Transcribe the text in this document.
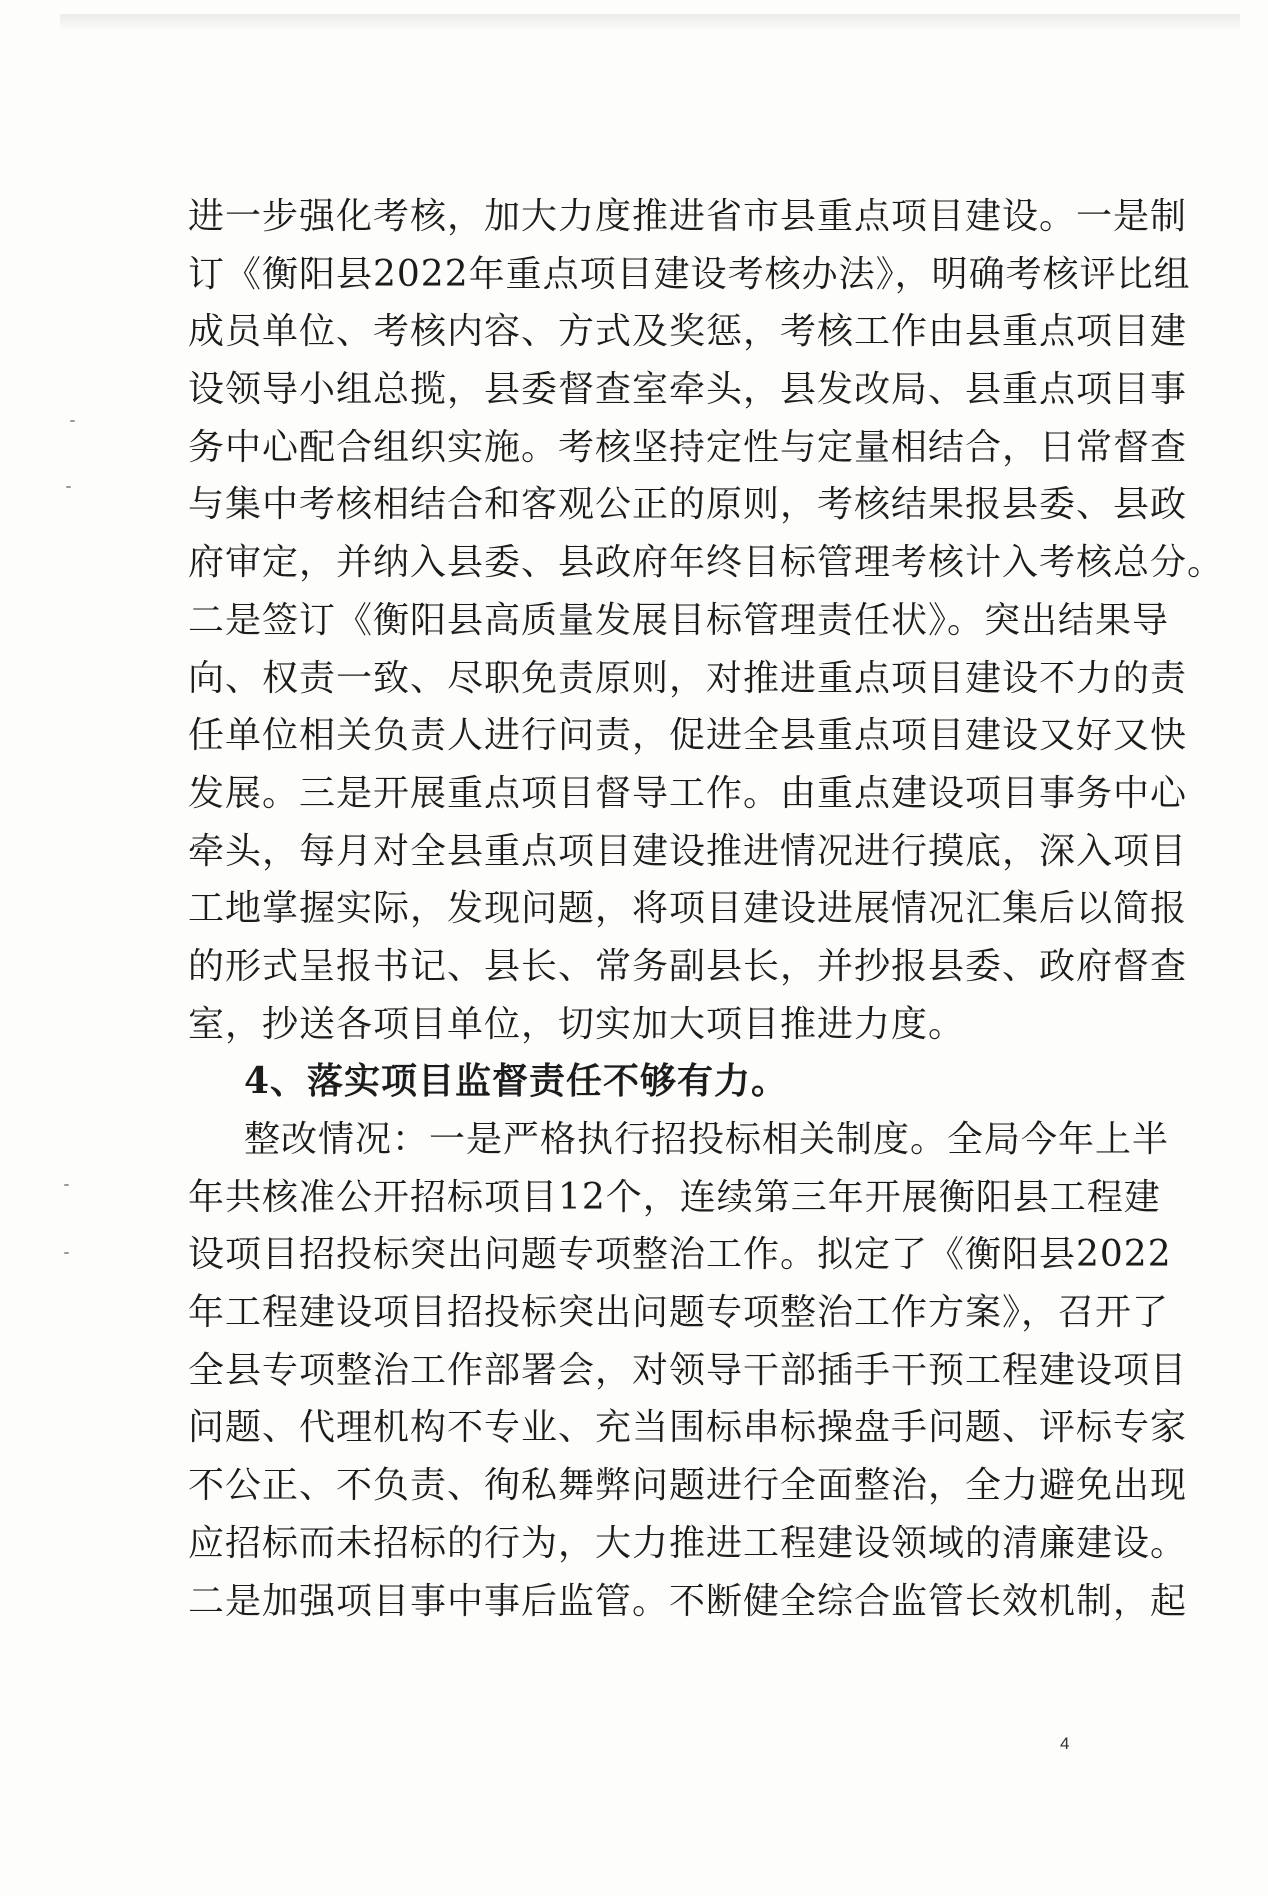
进一步强化考核，加大力度推进省市县重点项目建设。一是制
订《衡阳县2022年重点项目建设考核办法》，明确考核评比组
成员单位、考核内容、方式及奖惩，考核工作由县重点项目建
设领导小组总揽，县委督查室牵头，县发改局、县重点项目事
务中心配合组织实施。考核坚持定性与定量相结合，日常督查
与集中考核相结合和客观公正的原则，考核结果报县委、县政
府审定，并纳入县委、县政府年终目标管理考核计入考核总分。
二是签订《衡阳县高质量发展目标管理责任状》。突出结果导
向、权责一致、尽职免责原则，对推进重点项目建设不力的责
任单位相关负责人进行问责，促进全县重点项目建设又好又快
发展。三是开展重点项目督导工作。由重点建设项目事务中心
牵头，每月对全县重点项目建设推进情况进行摸底，深入项目
工地掌握实际，发现问题，将项目建设进展情况汇集后以简报
的形式呈报书记、县长、常务副县长，并抄报县委、政府督查
室，抄送各项目单位，切实加大项目推进力度。
4、落实项目监督责任不够有力。
整改情况：一是严格执行招投标相关制度。全局今年上半
年共核准公开招标项目12个，连续第三年开展衡阳县工程建
设项目招投标突出问题专项整治工作。拟定了《衡阳县2022
年工程建设项目招投标突出问题专项整治工作方案》，召开了
全县专项整治工作部署会，对领导干部插手干预工程建设项目
问题、代理机构不专业、充当围标串标操盘手问题、评标专家
不公正、不负责、徇私舞弊问题进行全面整治，全力避免出现
应招标而未招标的行为，大力推进工程建设领域的清廉建设。
二是加强项目事中事后监管。不断健全综合监管长效机制，起
4
